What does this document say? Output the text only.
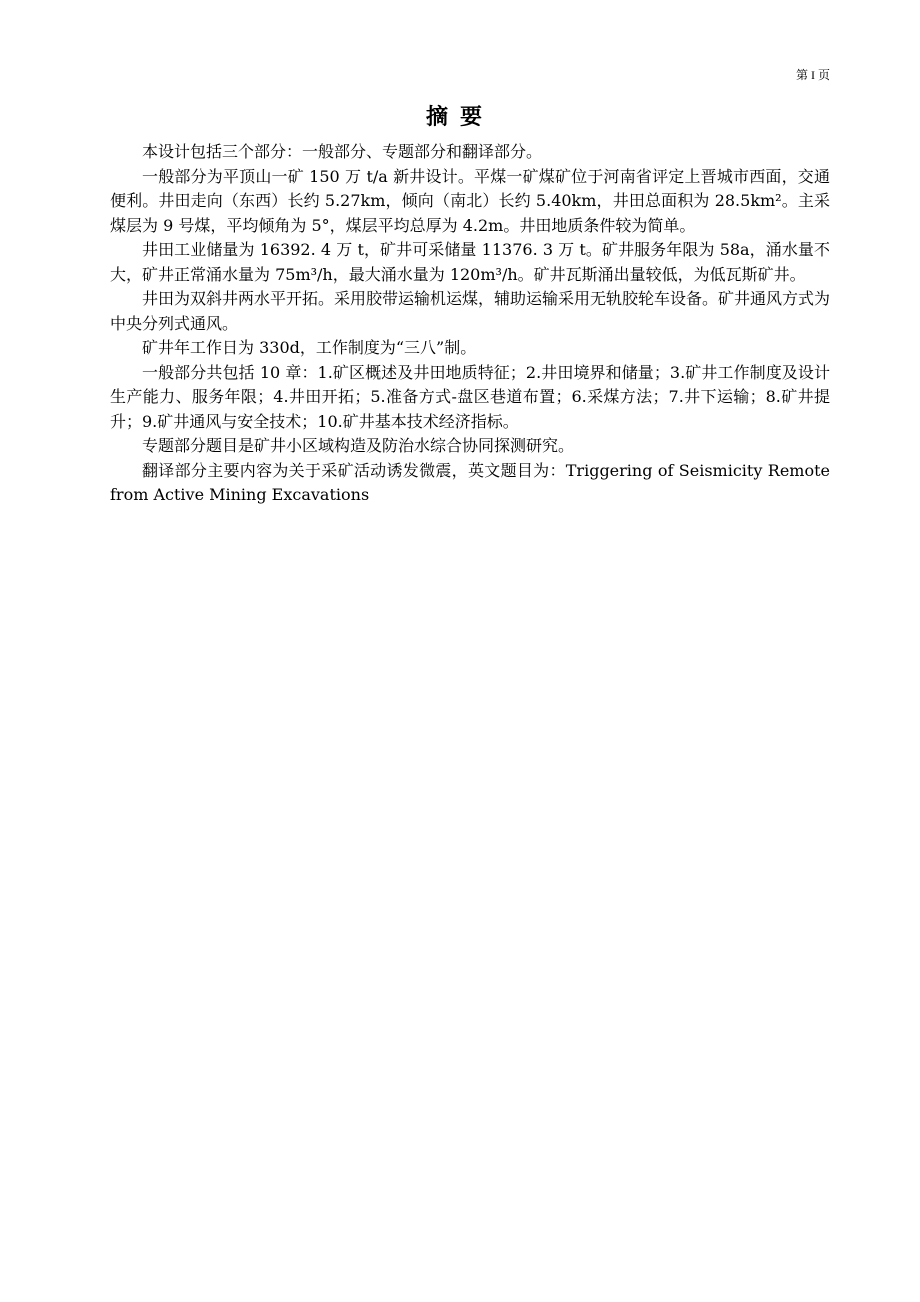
第 I 页
摘要

本设计包括三个部分：一般部分、专题部分和翻译部分。

一般部分为平顶山一矿 150 万 t/a 新井设计。平煤一矿煤矿位于河南省评定上晋城市西面，交通便利。井田走向（东西）长约 5.27km，倾向（南北）长约 5.40km，井田总面积为 28.5km²。主采煤层为 9 号煤，平均倾角为 5°，煤层平均总厚为 4.2m。井田地质条件较为简单。

井田工业储量为 16392. 4 万 t，矿井可采储量 11376. 3 万 t。矿井服务年限为 58a，涌水量不大，矿井正常涌水量为 75m³/h，最大涌水量为 120m³/h。矿井瓦斯涌出量较低，为低瓦斯矿井。

井田为双斜井两水平开拓。采用胶带运输机运煤，辅助运输采用无轨胶轮车设备。矿井通风方式为中央分列式通风。

矿井年工作日为 330d，工作制度为“三八”制。

一般部分共包括 10 章：1.矿区概述及井田地质特征；2.井田境界和储量；3.矿井工作制度及设计生产能力、服务年限；4.井田开拓；5.准备方式-盘区巷道布置；6.采煤方法；7.井下运输；8.矿井提升；9.矿井通风与安全技术；10.矿井基本技术经济指标。

专题部分题目是矿井小区域构造及防治水综合协同探测研究。

翻译部分主要内容为关于采矿活动诱发微震，英文题目为：Triggering of Seismicity Remote from Active Mining Excavations
